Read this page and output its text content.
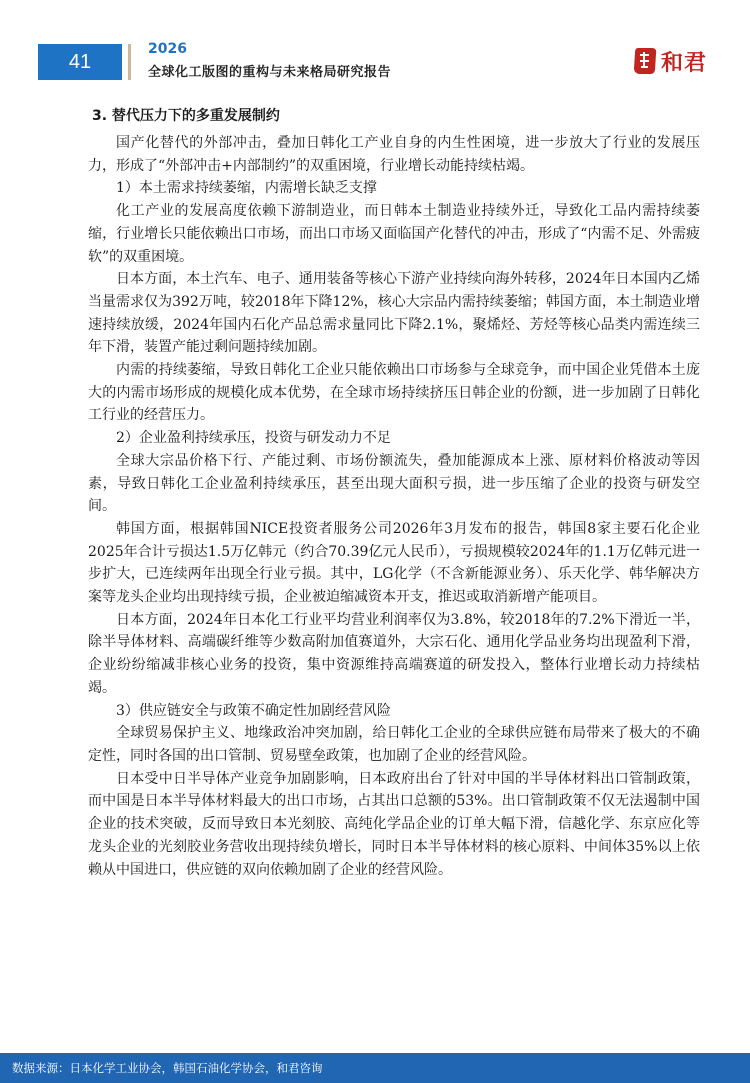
41
2026
全球化工版图的重构与未来格局研究报告	和君
3. 替代压力下的多重发展制约

国产化替代的外部冲击，叠加日韩化工产业自身的内生性困境，进一步放大了行业的发展压力，形成了“外部冲击+内部制约”的双重困境，行业增长动能持续枯竭。

1）本土需求持续萎缩，内需增长缺乏支撑

化工产业的发展高度依赖下游制造业，而日韩本土制造业持续外迁，导致化工品内需持续萎缩，行业增长只能依赖出口市场，而出口市场又面临国产化替代的冲击，形成了“内需不足、外需疲软”的双重困境。

日本方面，本土汽车、电子、通用装备等核心下游产业持续向海外转移，2024年日本国内乙烯当量需求仅为392万吨，较2018年下降12%，核心大宗品内需持续萎缩；韩国方面，本土制造业增速持续放缓，2024年国内石化产品总需求量同比下降2.1%，聚烯烃、芳烃等核心品类内需连续三年下滑，装置产能过剩问题持续加剧。

内需的持续萎缩，导致日韩化工企业只能依赖出口市场参与全球竞争，而中国企业凭借本土庞大的内需市场形成的规模化成本优势，在全球市场持续挤压日韩企业的份额，进一步加剧了日韩化工行业的经营压力。

2）企业盈利持续承压，投资与研发动力不足

全球大宗品价格下行、产能过剩、市场份额流失，叠加能源成本上涨、原材料价格波动等因素，导致日韩化工企业盈利持续承压，甚至出现大面积亏损，进一步压缩了企业的投资与研发空间。

韩国方面，根据韩国NICE投资者服务公司2026年3月发布的报告，韩国8家主要石化企业2025年合计亏损达1.5万亿韩元（约合70.39亿元人民币），亏损规模较2024年的1.1万亿韩元进一步扩大，已连续两年出现全行业亏损。其中，LG化学（不含新能源业务）、乐天化学、韩华解决方案等龙头企业均出现持续亏损，企业被迫缩减资本开支，推迟或取消新增产能项目。

日本方面，2024年日本化工行业平均营业利润率仅为3.8%，较2018年的7.2%下滑近一半，除半导体材料、高端碳纤维等少数高附加值赛道外，大宗石化、通用化学品业务均出现盈利下滑，企业纷纷缩减非核心业务的投资，集中资源维持高端赛道的研发投入，整体行业增长动力持续枯竭。

3）供应链安全与政策不确定性加剧经营风险

全球贸易保护主义、地缘政治冲突加剧，给日韩化工企业的全球供应链布局带来了极大的不确定性，同时各国的出口管制、贸易壁垒政策，也加剧了企业的经营风险。

日本受中日半导体产业竞争加剧影响，日本政府出台了针对中国的半导体材料出口管制政策，而中国是日本半导体材料最大的出口市场，占其出口总额的53%。出口管制政策不仅无法遏制中国企业的技术突破，反而导致日本光刻胶、高纯化学品企业的订单大幅下滑，信越化学、东京应化等龙头企业的光刻胶业务营收出现持续负增长，同时日本半导体材料的核心原料、中间体35%以上依赖从中国进口，供应链的双向依赖加剧了企业的经营风险。

数据来源：日本化学工业协会，韩国石油化学协会，和君咨询
